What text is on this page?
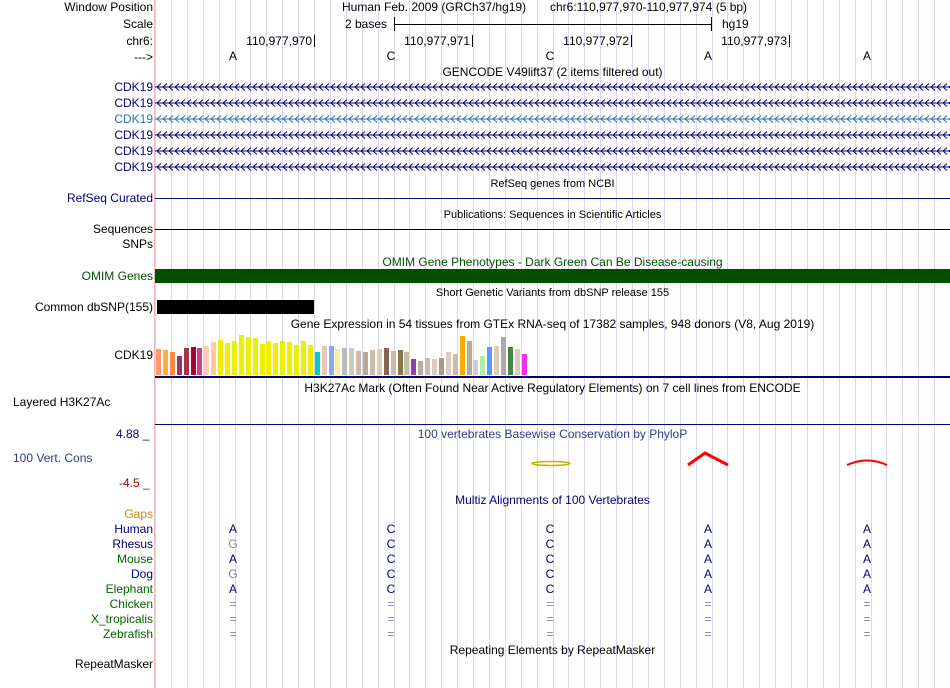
Window Position	Human Feb. 2009 (GRCh37/hg19) chr6:110,977,970-110,977,974 (5 bp)
Scale	2 bases	hg19
chr6:	110,977,970	110,977,971	110,977,972	110,977,973
--->	A	C	C	A	A
GENCODE V49lift37 (2 items filtered out)
CDK19
CDK19
CDK19
CDK19
CDK19
CDK19
RefSeq genes from NCBI
RefSeq Curated
Publications: Sequences in Scientific Articles
Sequences
SNPs
OMIM Gene Phenotypes - Dark Green Can Be Disease-causing
OMIM Genes
Short Genetic Variants from dbSNP release 155
Common dbSNP(155)
Gene Expression in 54 tissues from GTEx RNA-seq of 17382 samples, 948 donors (V8, Aug 2019)
CDK19
H3K27Ac Mark (Often Found Near Active Regulatory Elements) on 7 cell lines from ENCODE
Layered H3K27Ac
4.88 _	100 vertebrates Basewise Conservation by PhyloP
100 Vert. Cons
-4.5 _
Multiz Alignments of 100 Vertebrates
Gaps
Human	A	C	C	A	A
Rhesus	G	C	C	A	A
Mouse	A	C	C	A	A
Dog	G	C	C	A	A
Elephant	A	C	C	A	A
Chicken	=	=	=	=	=
X_tropicalis	=	=	=	=	=
Zebrafish	=	=	=	=	=
Repeating Elements by RepeatMasker
RepeatMasker
